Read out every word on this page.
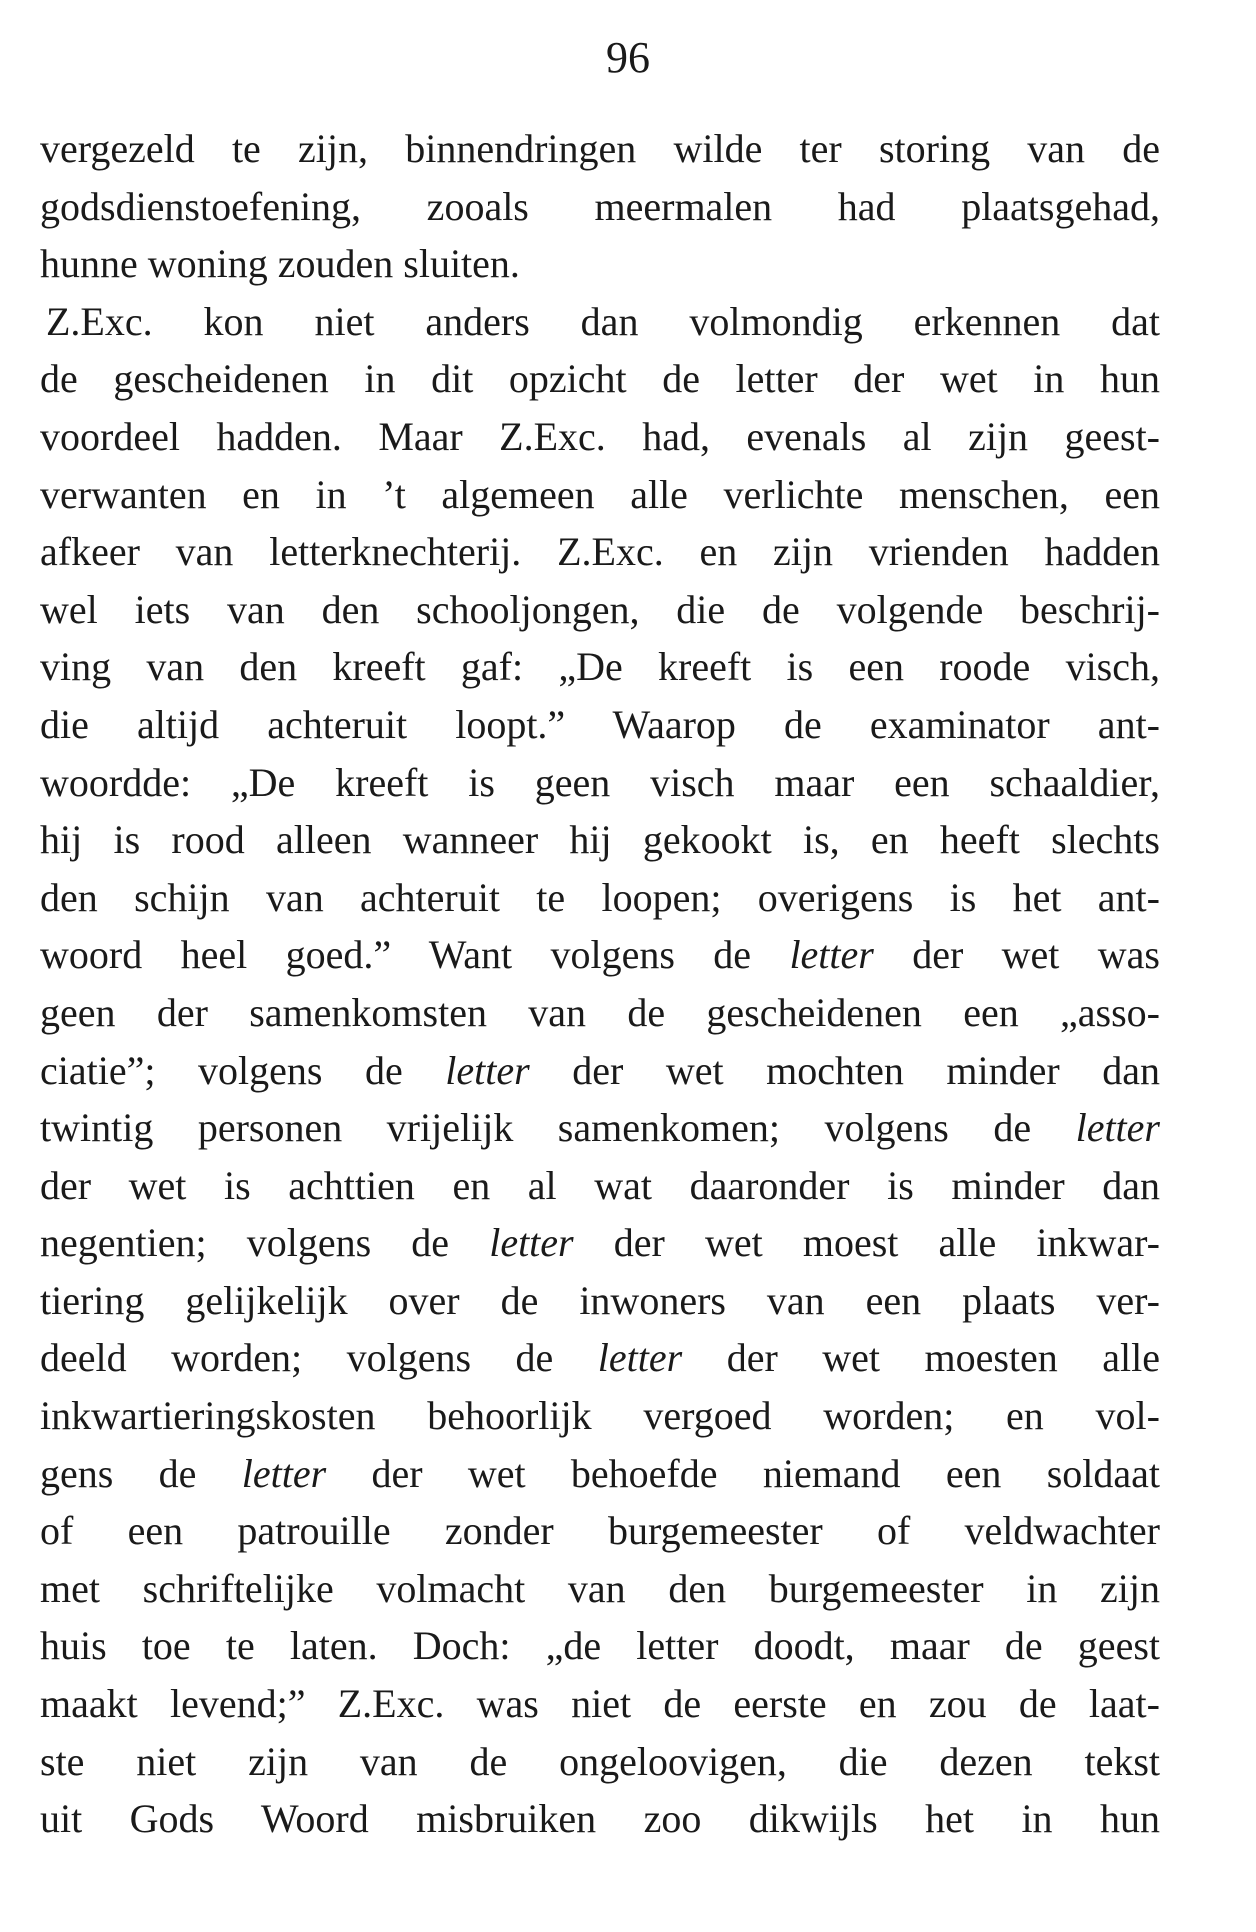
96
vergezeld te zijn, binnendringen wilde ter storing van de
godsdienstoefening, zooals meermalen had plaatsgehad,
hunne woning zouden sluiten.
Z.Exc. kon niet anders dan volmondig erkennen dat
de gescheidenen in dit opzicht de letter der wet in hun
voordeel hadden. Maar Z.Exc. had, evenals al zijn geest-
verwanten en in ’t algemeen alle verlichte menschen, een
afkeer van letterknechterij. Z.Exc. en zijn vrienden hadden
wel iets van den schooljongen, die de volgende beschrij-
ving van den kreeft gaf: „De kreeft is een roode visch,
die altijd achteruit loopt.” Waarop de examinator ant-
woordde: „De kreeft is geen visch maar een schaaldier,
hij is rood alleen wanneer hij gekookt is, en heeft slechts
den schijn van achteruit te loopen; overigens is het ant-
woord heel goed.” Want volgens de letter der wet was
geen der samenkomsten van de gescheidenen een „asso-
ciatie”; volgens de letter der wet mochten minder dan
twintig personen vrijelijk samenkomen; volgens de letter
der wet is achttien en al wat daaronder is minder dan
negentien; volgens de letter der wet moest alle inkwar-
tiering gelijkelijk over de inwoners van een plaats ver-
deeld worden; volgens de letter der wet moesten alle
inkwartieringskosten behoorlijk vergoed worden; en vol-
gens de letter der wet behoefde niemand een soldaat
of een patrouille zonder burgemeester of veldwachter
met schriftelijke volmacht van den burgemeester in zijn
huis toe te laten. Doch: „de letter doodt, maar de geest
maakt levend;” Z.Exc. was niet de eerste en zou de laat-
ste niet zijn van de ongeloovigen, die dezen tekst
uit Gods Woord misbruiken zoo dikwijls het in hun
